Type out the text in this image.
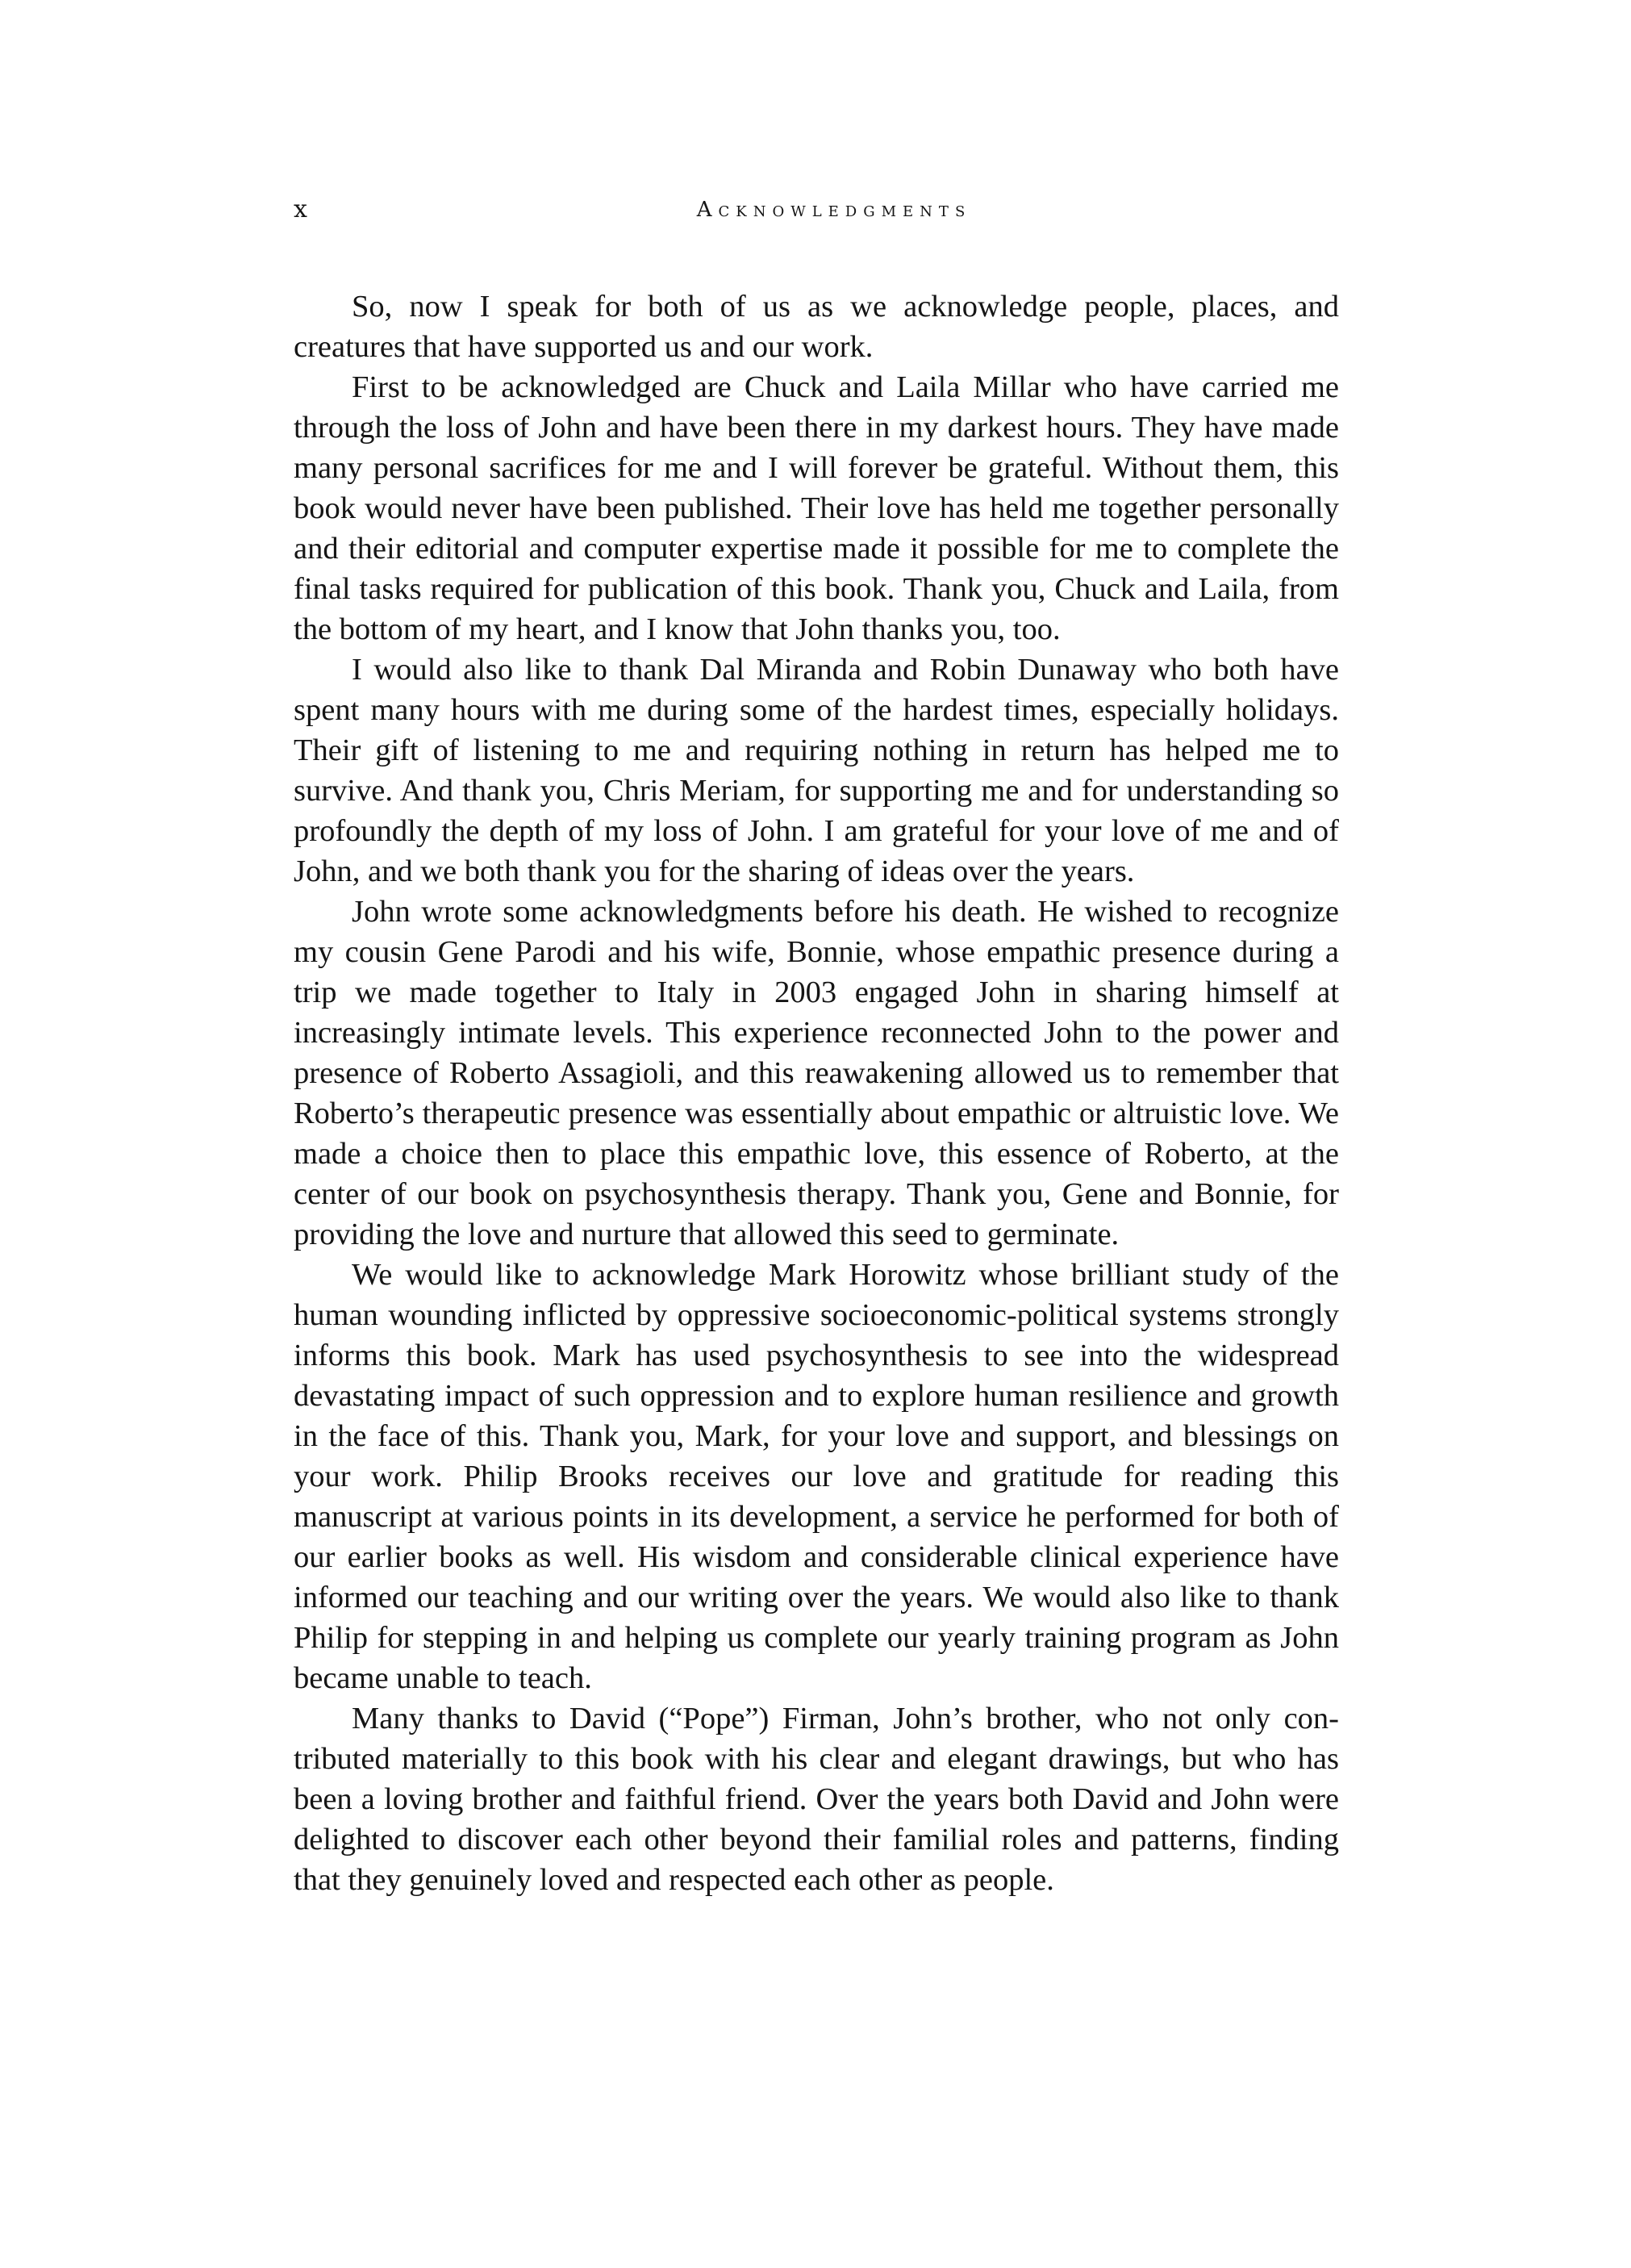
x	acknowledgments

So, now I speak for both of us as we acknowledge people, places, and creatures that have supported us and our work.

First to be acknowledged are Chuck and Laila Millar who have carried me through the loss of John and have been there in my darkest hours. They have made many personal sacrifices for me and I will forever be grateful. Without them, this book would never have been published. Their love has held me together personally and their editorial and computer expertise made it possible for me to complete the final tasks required for publication of this book. Thank you, Chuck and Laila, from the bottom of my heart, and I know that John thanks you, too.

I would also like to thank Dal Miranda and Robin Dunaway who both have spent many hours with me during some of the hardest times, especially holidays. Their gift of listening to me and requiring nothing in return has helped me to survive. And thank you, Chris Meriam, for supporting me and for understanding so profoundly the depth of my loss of John. I am grateful for your love of me and of John, and we both thank you for the sharing of ideas over the years.

John wrote some acknowledgments before his death. He wished to recognize my cousin Gene Parodi and his wife, Bonnie, whose empathic presence during a trip we made together to Italy in 2003 engaged John in sharing himself at increasingly intimate levels. This experience reconnected John to the power and presence of Roberto Assagioli, and this reawakening allowed us to remember that Roberto’s therapeutic presence was essentially about empathic or altruistic love. We made a choice then to place this empathic love, this essence of Roberto, at the center of our book on psychosynthesis therapy. Thank you, Gene and Bonnie, for providing the love and nurture that allowed this seed to germinate.

We would like to acknowledge Mark Horowitz whose brilliant study of the human wounding inflicted by oppressive socioeconomic-political systems strongly informs this book. Mark has used psychosynthesis to see into the widespread devastating impact of such oppression and to explore human resilience and growth in the face of this. Thank you, Mark, for your love and support, and blessings on your work. Philip Brooks receives our love and gratitude for reading this manuscript at various points in its development, a service he performed for both of our earlier books as well. His wisdom and considerable clinical experience have informed our teaching and our writing over the years. We would also like to thank Philip for stepping in and helping us complete our yearly training program as John became unable to teach.

Many thanks to David (“Pope”) Firman, John’s brother, who not only contributed materially to this book with his clear and elegant drawings, but who has been a loving brother and faithful friend. Over the years both David and John were delighted to discover each other beyond their familial roles and patterns, finding that they genuinely loved and respected each other as people.
